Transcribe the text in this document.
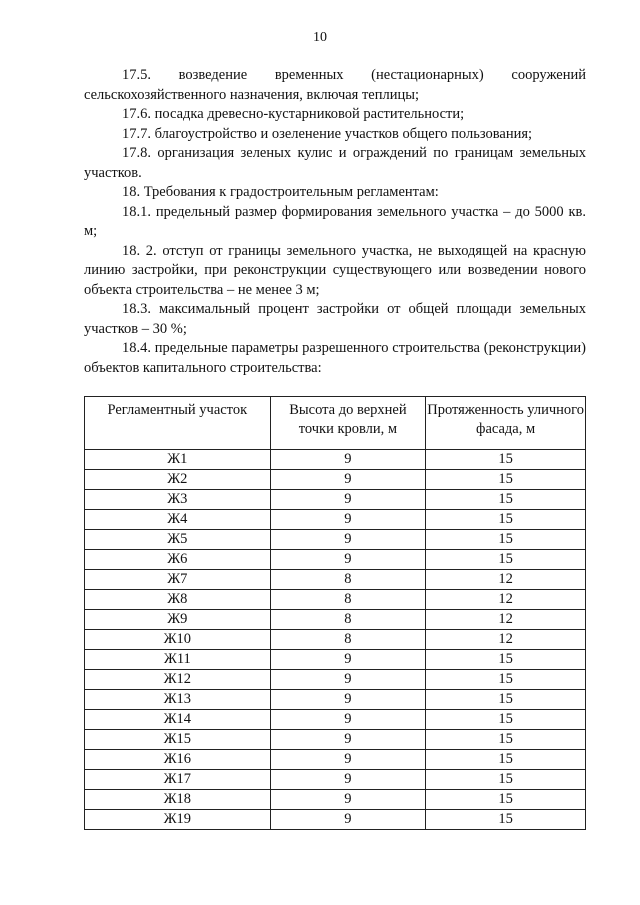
10

17.5. возведение временных (нестационарных) сооружений сельскохозяйственного назначения, включая теплицы;

17.6. посадка древесно-кустарниковой растительности;

17.7. благоустройство и озеленение участков общего пользования;

17.8. организация зеленых кулис и ограждений по границам земельных участков.

18. Требования к градостроительным регламентам:

18.1. предельный размер формирования земельного участка – до 5000 кв. м;

18. 2. отступ от границы земельного участка, не выходящей на красную линию застройки, при реконструкции существующего или возведении нового объекта строительства – не менее 3 м;

18.3. максимальный процент застройки от общей площади земельных участков – 30 %;

18.4. предельные параметры разрешенного строительства (реконструкции) объектов капитального строительства:

Регламентный участок	Высота до верхней точки кровли, м	Протяженность уличного фасада, м
Ж1	9	15
Ж2	9	15
Ж3	9	15
Ж4	9	15
Ж5	9	15
Ж6	9	15
Ж7	8	12
Ж8	8	12
Ж9	8	12
Ж10	8	12
Ж11	9	15
Ж12	9	15
Ж13	9	15
Ж14	9	15
Ж15	9	15
Ж16	9	15
Ж17	9	15
Ж18	9	15
Ж19	9	15
